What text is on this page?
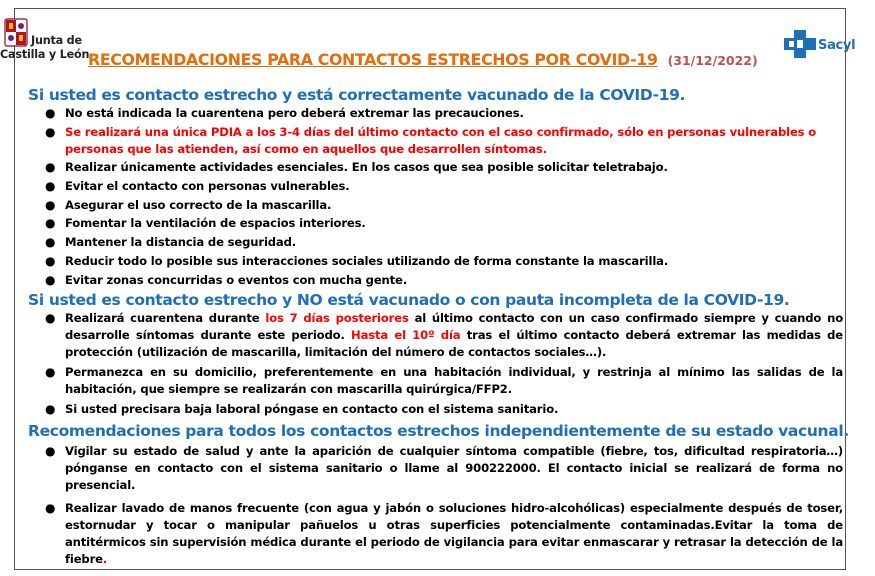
Junta de
Castilla y León
Sacyl
RECOMENDACIONES PARA CONTACTOS ESTRECHOS POR COVID-19 (31/12/2022)
Si usted es contacto estrecho y está correctamente vacunado de la COVID-19.
● No está indicada la cuarentena pero deberá extremar las precauciones.
● Se realizará una única PDIA a los 3-4 días del último contacto con el caso confirmado, sólo en personas vulnerables o personas que las atienden, así como en aquellos que desarrollen síntomas.
● Realizar únicamente actividades esenciales. En los casos que sea posible solicitar teletrabajo.
● Evitar el contacto con personas vulnerables.
● Asegurar el uso correcto de la mascarilla.
● Fomentar la ventilación de espacios interiores.
● Mantener la distancia de seguridad.
● Reducir todo lo posible sus interacciones sociales utilizando de forma constante la mascarilla.
● Evitar zonas concurridas o eventos con mucha gente.
Si usted es contacto estrecho y NO está vacunado o con pauta incompleta de la COVID-19.
● Realizará cuarentena durante los 7 días posteriores al último contacto con un caso confirmado siempre y cuando no desarrolle síntomas durante este periodo. Hasta el 10º día tras el último contacto deberá extremar las medidas de protección (utilización de mascarilla, limitación del número de contactos sociales…).
● Permanezca en su domicilio, preferentemente en una habitación individual, y restrinja al mínimo las salidas de la habitación, que siempre se realizarán con mascarilla quirúrgica/FFP2.
● Si usted precisara baja laboral póngase en contacto con el sistema sanitario.
Recomendaciones para todos los contactos estrechos independientemente de su estado vacunal.
● Vigilar su estado de salud y ante la aparición de cualquier síntoma compatible (fiebre, tos, dificultad respiratoria…) pónganse en contacto con el sistema sanitario o llame al 900222000. El contacto inicial se realizará de forma no presencial.
● Realizar lavado de manos frecuente (con agua y jabón o soluciones hidro-alcohólicas) especialmente después de toser, estornudar y tocar o manipular pañuelos u otras superficies potencialmente contaminadas.Evitar la toma de antitérmicos sin supervisión médica durante el periodo de vigilancia para evitar enmascarar y retrasar la detección de la fiebre.
